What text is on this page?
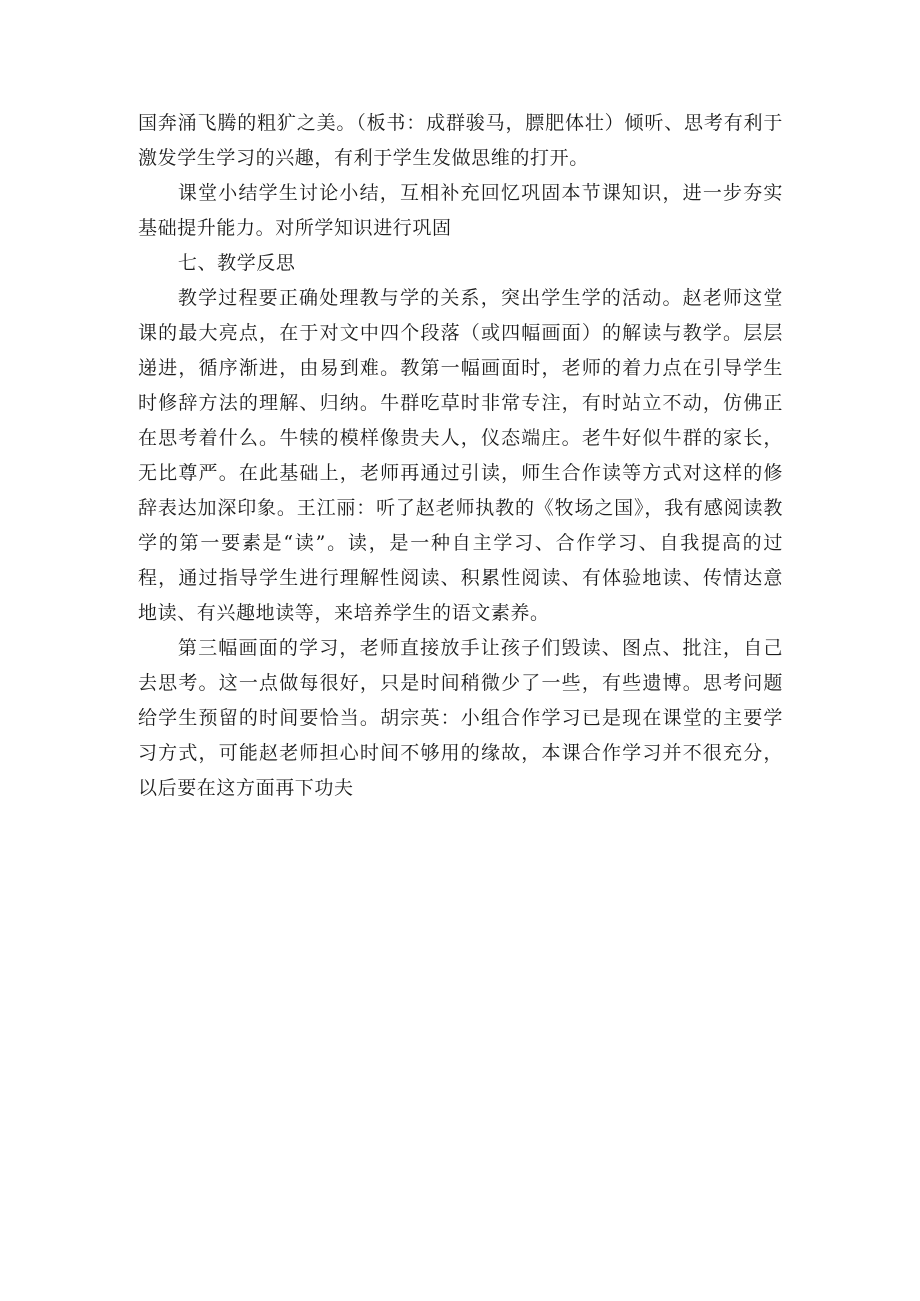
国奔涌飞腾的粗犷之美。（板书：成群骏马，膘肥体壮）倾听、思考有利于激发学生学习的兴趣，有利于学生发做思维的打开。

课堂小结学生讨论小结，互相补充回忆巩固本节课知识，进一步夯实基础提升能力。对所学知识进行巩固

七、教学反思

教学过程要正确处理教与学的关系，突出学生学的活动。赵老师这堂课的最大亮点，在于对文中四个段落（或四幅画面）的解读与教学。层层递进，循序渐进，由易到难。教第一幅画面时，老师的着力点在引导学生时修辞方法的理解、归纳。牛群吃草时非常专注，有时站立不动，仿佛正在思考着什么。牛犊的模样像贵夫人，仪态端庄。老牛好似牛群的家长，无比尊严。在此基础上，老师再通过引读，师生合作读等方式对这样的修辞表达加深印象。王江丽：听了赵老师执教的《牧场之国》，我有感阅读教学的第一要素是“读”。读，是一种自主学习、合作学习、自我提高的过程，通过指导学生进行理解性阅读、积累性阅读、有体验地读、传情达意地读、有兴趣地读等，来培养学生的语文素养。

第三幅画面的学习，老师直接放手让孩子们毁读、图点、批注，自己去思考。这一点做每很好，只是时间稍微少了一些，有些遗博。思考问题给学生预留的时间要恰当。胡宗英：小组合作学习已是现在课堂的主要学习方式，可能赵老师担心时间不够用的缘故，本课合作学习并不很充分，以后要在这方面再下功夫
